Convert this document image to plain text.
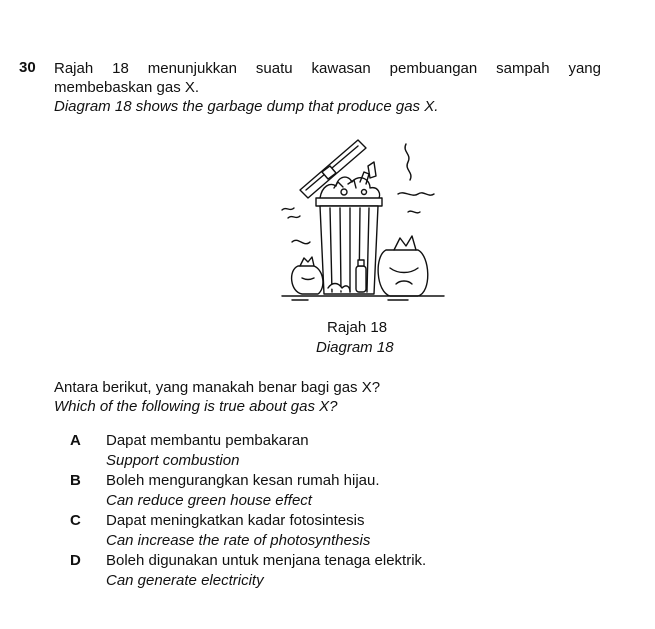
30 Rajah 18 menunjukkan suatu kawasan pembuangan sampah yang
membebaskan gas X.
Diagram 18 shows the garbage dump that produce gas X.
Rajah 18
Diagram 18
Antara berikut, yang manakah benar bagi gas X?
Which of the following is true about gas X?
A Dapat membantu pembakaran
Support combustion
B Boleh mengurangkan kesan rumah hijau.
Can reduce green house effect
C Dapat meningkatkan kadar fotosintesis
Can increase the rate of photosynthesis
D Boleh digunakan untuk menjana tenaga elektrik.
Can generate electricity
